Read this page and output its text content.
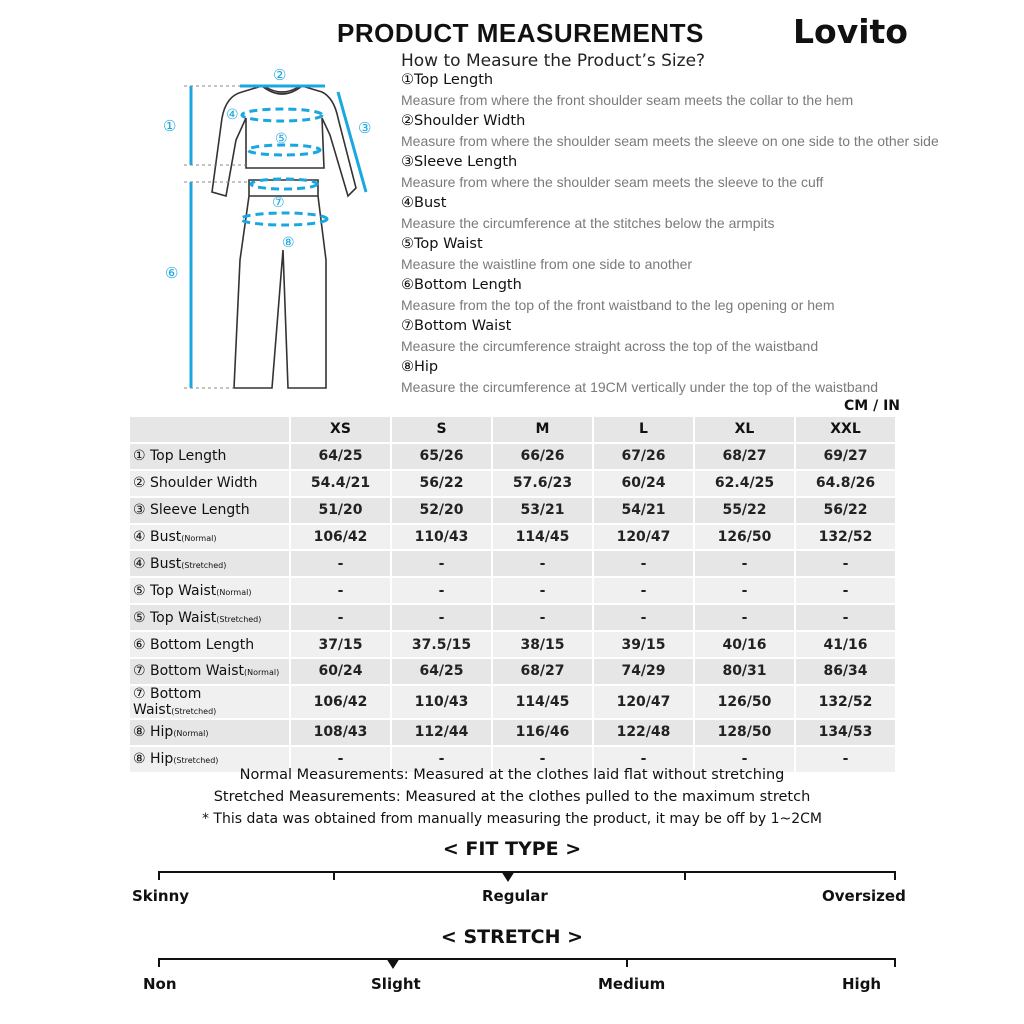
PRODUCT MEASUREMENTS	Lovito
①
②
③
④
⑤
⑥
⑦
⑧
How to Measure the Product’s Size?
①Top Length
Measure from where the front shoulder seam meets the collar to the hem
②Shoulder Width
Measure from where the shoulder seam meets the sleeve on one side to the other side
③Sleeve Length
Measure from where the shoulder seam meets the sleeve to the cuff
④Bust
Measure the circumference at the stitches below the armpits
⑤Top Waist
Measure the waistline from one side to another
⑥Bottom Length
Measure from the top of the front waistband to the leg opening or hem
⑦Bottom Waist
Measure the circumference straight across the top of the waistband
⑧Hip
Measure the circumference at 19CM vertically under the top of the waistband
CM / IN
	XS	S	M	L	XL	XXL
① Top Length	64/25	65/26	66/26	67/26	68/27	69/27
② Shoulder Width	54.4/21	56/22	57.6/23	60/24	62.4/25	64.8/26
③ Sleeve Length	51/20	52/20	53/21	54/21	55/22	56/22
④ Bust(Normal)	106/42	110/43	114/45	120/47	126/50	132/52
④ Bust(Stretched)	-	-	-	-	-	-
⑤ Top Waist(Normal)	-	-	-	-	-	-
⑤ Top Waist(Stretched)	-	-	-	-	-	-
⑥ Bottom Length	37/15	37.5/15	38/15	39/15	40/16	41/16
⑦ Bottom Waist(Normal)	60/24	64/25	68/27	74/29	80/31	86/34
⑦ Bottom Waist(Stretched)	106/42	110/43	114/45	120/47	126/50	132/52
⑧ Hip(Normal)	108/43	112/44	116/46	122/48	128/50	134/53
⑧ Hip(Stretched)	-	-	-	-	-	-
Normal Measurements: Measured at the clothes laid flat without stretching
Stretched Measurements: Measured at the clothes pulled to the maximum stretch
* This data was obtained from manually measuring the product, it may be off by 1~2CM
< FIT TYPE >
Skinny	Regular	Oversized
< STRETCH >
Non	Slight	Medium	High
